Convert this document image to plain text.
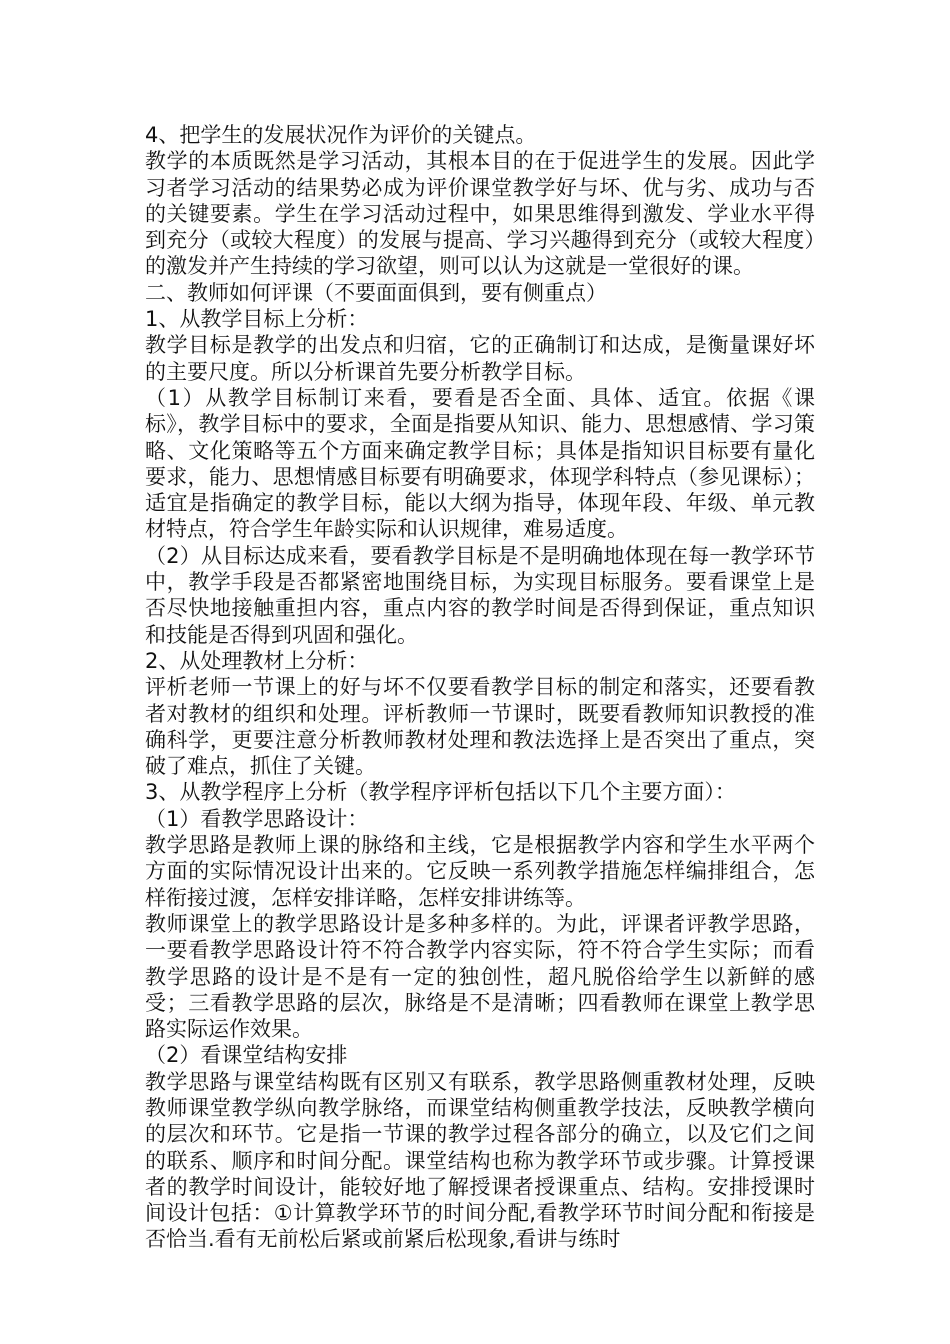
4、把学生的发展状况作为评价的关键点。

教学的本质既然是学习活动，其根本目的在于促进学生的发展。因此学习者学习活动的结果势必成为评价课堂教学好与坏、优与劣、成功与否的关键要素。学生在学习活动过程中，如果思维得到激发、学业水平得到充分（或较大程度）的发展与提高、学习兴趣得到充分（或较大程度）的激发并产生持续的学习欲望，则可以认为这就是一堂很好的课。

二、教师如何评课（不要面面俱到，要有侧重点）

1、从教学目标上分析：

教学目标是教学的出发点和归宿，它的正确制订和达成，是衡量课好坏的主要尺度。所以分析课首先要分析教学目标。

（1）从教学目标制订来看，要看是否全面、具体、适宜。依据《课标》，教学目标中的要求，全面是指要从知识、能力、思想感情、学习策略、文化策略等五个方面来确定教学目标；具体是指知识目标要有量化要求，能力、思想情感目标要有明确要求，体现学科特点（参见课标）；适宜是指确定的教学目标，能以大纲为指导，体现年段、年级、单元教材特点，符合学生年龄实际和认识规律，难易适度。

（2）从目标达成来看，要看教学目标是不是明确地体现在每一教学环节中，教学手段是否都紧密地围绕目标，为实现目标服务。要看课堂上是否尽快地接触重担内容，重点内容的教学时间是否得到保证，重点知识和技能是否得到巩固和强化。

2、从处理教材上分析：

评析老师一节课上的好与坏不仅要看教学目标的制定和落实，还要看教者对教材的组织和处理。评析教师一节课时，既要看教师知识教授的准确科学，更要注意分析教师教材处理和教法选择上是否突出了重点，突破了难点，抓住了关键。

3、从教学程序上分析（教学程序评析包括以下几个主要方面）：

（1）看教学思路设计：

教学思路是教师上课的脉络和主线，它是根据教学内容和学生水平两个方面的实际情况设计出来的。它反映一系列教学措施怎样编排组合，怎样衔接过渡，怎样安排详略，怎样安排讲练等。

教师课堂上的教学思路设计是多种多样的。为此，评课者评教学思路，一要看教学思路设计符不符合教学内容实际，符不符合学生实际；而看教学思路的设计是不是有一定的独创性，超凡脱俗给学生以新鲜的感受；三看教学思路的层次，脉络是不是清晰；四看教师在课堂上教学思路实际运作效果。

（2）看课堂结构安排

教学思路与课堂结构既有区别又有联系，教学思路侧重教材处理，反映教师课堂教学纵向教学脉络，而课堂结构侧重教学技法，反映教学横向的层次和环节。它是指一节课的教学过程各部分的确立，以及它们之间的联系、顺序和时间分配。课堂结构也称为教学环节或步骤。计算授课者的教学时间设计，能较好地了解授课者授课重点、结构。安排授课时间设计包括：①计算教学环节的时间分配,看教学环节时间分配和衔接是否恰当.看有无前松后紧或前紧后松现象,看讲与练时
